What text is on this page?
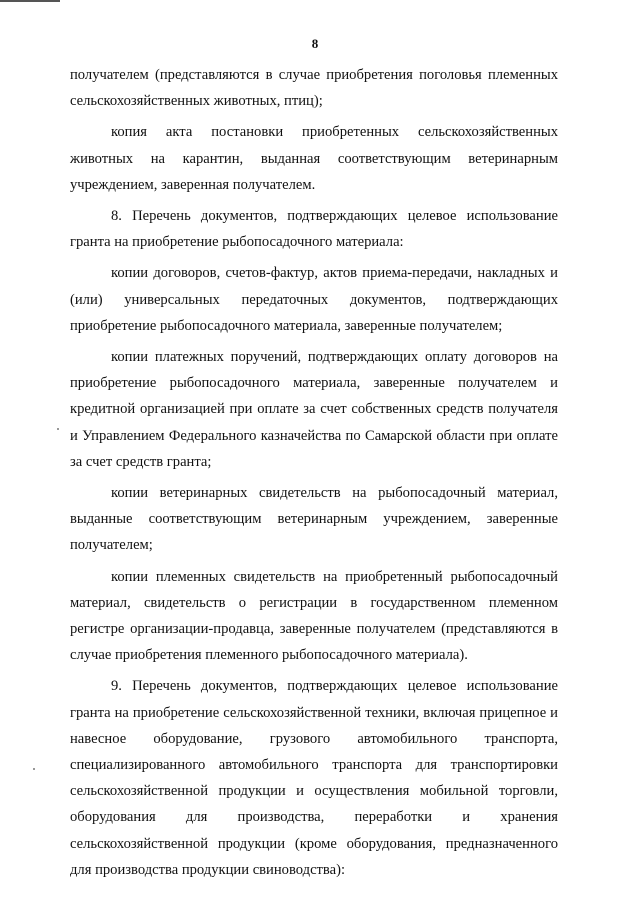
8

получателем (представляются в случае приобретения поголовья племенных сельскохозяйственных животных, птиц);

копия акта постановки приобретенных сельскохозяйственных животных на карантин, выданная соответствующим ветеринарным учреждением, заверенная получателем.

8. Перечень документов, подтверждающих целевое использование гранта на приобретение рыбопосадочного материала:

копии договоров, счетов-фактур, актов приема-передачи, накладных и (или) универсальных передаточных документов, подтверждающих приобретение рыбопосадочного материала, заверенные получателем;

копии платежных поручений, подтверждающих оплату договоров на приобретение рыбопосадочного материала, заверенные получателем и кредитной организацией при оплате за счет собственных средств получателя и Управлением Федерального казначейства по Самарской области при оплате за счет средств гранта;

копии ветеринарных свидетельств на рыбопосадочный материал, выданные соответствующим ветеринарным учреждением, заверенные получателем;

копии племенных свидетельств на приобретенный рыбопосадочный материал, свидетельств о регистрации в государственном племенном регистре организации-продавца, заверенные получателем (представляются в случае приобретения племенного рыбопосадочного материала).

9. Перечень документов, подтверждающих целевое использование гранта на приобретение сельскохозяйственной техники, включая прицепное и навесное оборудование, грузового автомобильного транспорта, специализированного автомобильного транспорта для транспортировки сельскохозяйственной продукции и осуществления мобильной торговли, оборудования для производства, переработки и хранения сельскохозяйственной продукции (кроме оборудования, предназначенного для производства продукции свиноводства):
